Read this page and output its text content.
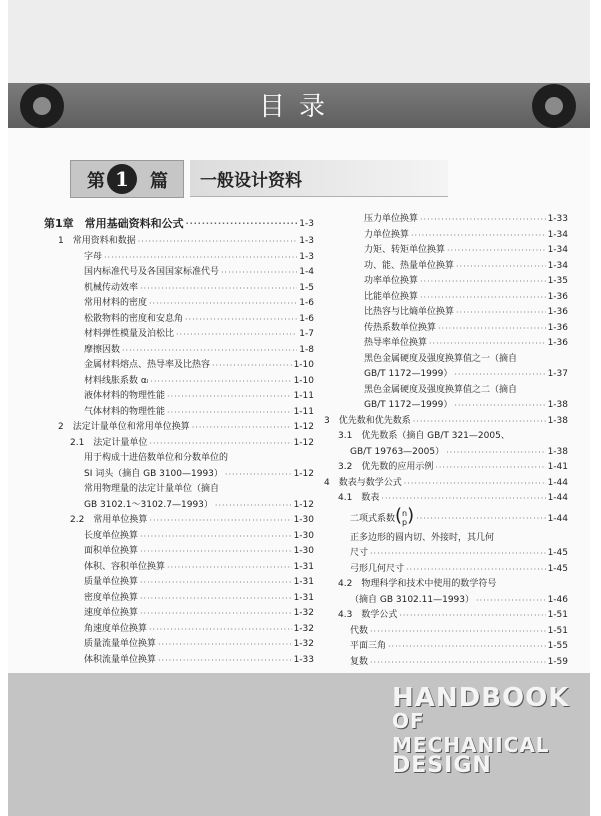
目录
第 1	篇 一般设计资料
第1章　常用基础资料和公式 ·····	1-3
1　常用资料和数据 ·····	1-3
字母 ·····	1-3
国内标准代号及各国国家标准代号 ·····	1-4
机械传动效率 ·····	1-5
常用材料的密度 ·····	1-6
松散物料的密度和安息角 ·····	1-6
材料弹性模量及泊松比 ·····	1-7
摩擦因数 ·····	1-8
金属材料熔点、热导率及比热容 ·····	1-10
材料线胀系数 αₗ ·····	1-10
液体材料的物理性能 ·····	1-11
气体材料的物理性能 ·····	1-11
2　法定计量单位和常用单位换算 ·····	1-12
2.1　法定计量单位 ·····	1-12
用于构成十进倍数单位和分数单位的
SI 词头（摘自 GB 3100—1993） ·····	1-12
常用物理量的法定计量单位（摘自
GB 3102.1～3102.7—1993） ·····	1-12
2.2　常用单位换算 ·····	1-30
长度单位换算 ·····	1-30
面积单位换算 ·····	1-30
体积、容积单位换算 ·····	1-31
质量单位换算 ·····	1-31
密度单位换算 ·····	1-31
速度单位换算 ·····	1-32
角速度单位换算 ·····	1-32
质量流量单位换算 ·····	1-32
体积流量单位换算 ·····	1-33
压力单位换算 ·····	1-33
力单位换算 ·····	1-34
力矩、转矩单位换算 ·····	1-34
功、能、热量单位换算 ·····	1-34
功率单位换算 ·····	1-35
比能单位换算 ·····	1-36
比热容与比熵单位换算 ·····	1-36
传热系数单位换算 ·····	1-36
热导率单位换算 ·····	1-36
黑色金属硬度及强度换算值之一（摘自
GB/T 1172—1999） ·····	1-37
黑色金属硬度及强度换算值之二（摘自
GB/T 1172—1999） ·····	1-38
3　优先数和优先数系 ·····	1-38
3.1　优先数系（摘自 GB/T 321—2005、
GB/T 19763—2005） ·····	1-38
3.2　优先数的应用示例 ·····	1-41
4　数表与数学公式 ·····	1-44
4.1　数表 ·····	1-44
二项式系数 ( n
p ) ·····	1-44
正多边形的圆内切、外接时，其几何
尺寸 ·····	1-45
弓形几何尺寸 ·····	1-45
4.2　物理科学和技术中使用的数学符号
（摘自 GB 3102.11—1993） ·····	1-46
4.3　数学公式 ·····	1-51
代数 ·····	1-51
平面三角 ·····	1-55
复数 ·····	1-59
HANDBOOK
OF MECHANICAL
DESIGN
